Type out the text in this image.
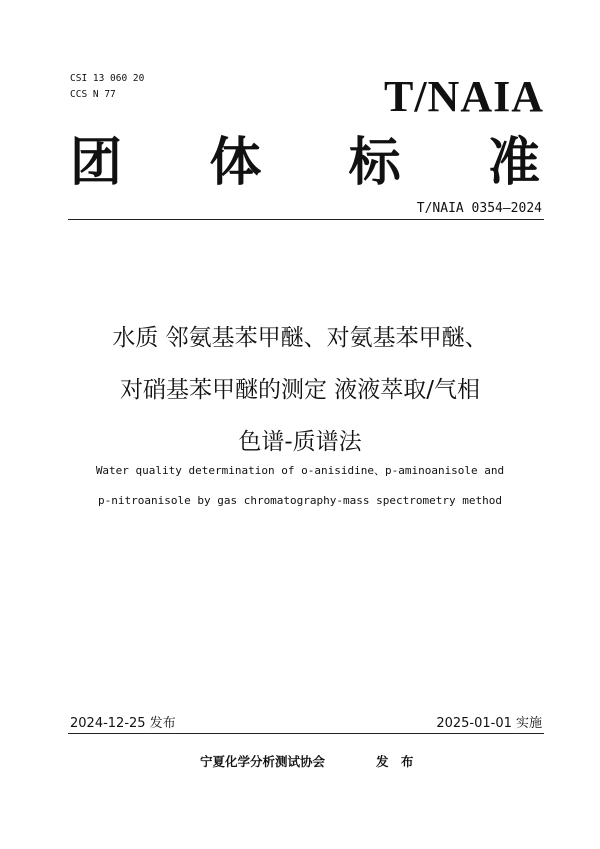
CSI 13 060 20
CCS N 77	T/NAIA
团 体 标 准
T/NAIA 0354—2024
水质 邻氨基苯甲醚、对氨基苯甲醚、
对硝基苯甲醚的测定 液液萃取/气相
色谱-质谱法
Water quality determination of o-anisidine、p-aminoanisole and
p-nitroanisole by gas chromatography-mass spectrometry method
2024-12-25 发布	2025-01-01 实施
宁夏化学分析测试协会	发 布
